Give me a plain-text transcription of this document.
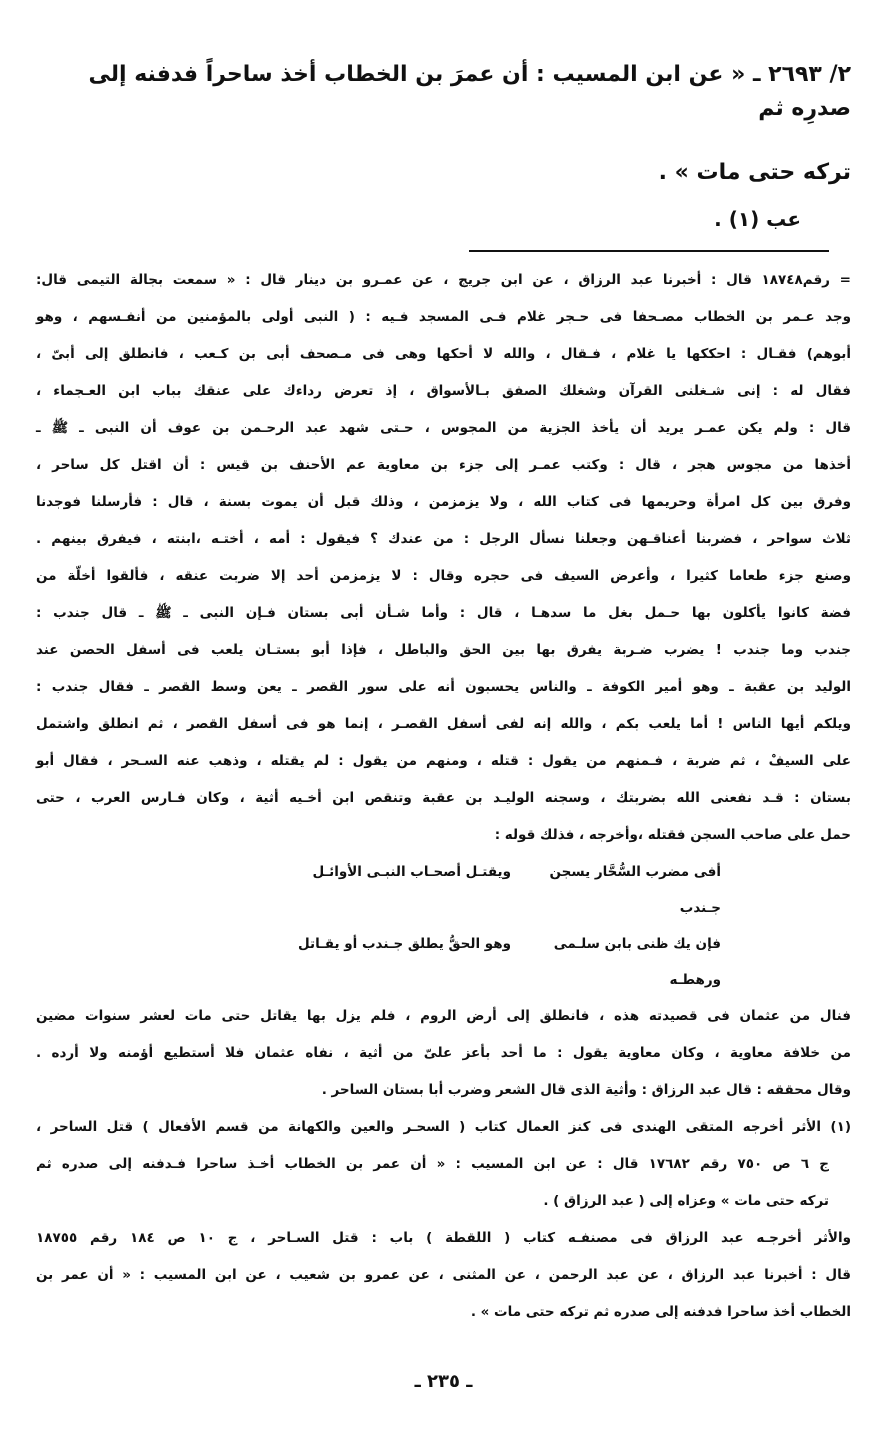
٢/ ٢٦٩٣ ـ « عن ابن المسيب : أن عمرَ بن الخطاب أخذ ساحراً فدفنه إلى صدرِه ثم
تركه حتى مات » .
عب (١) .
= رقم١٨٧٤٨ قال : أخبرنا عبد الرزاق ، عن ابن جريج ، عن عمـرو بن دينار قال : « سمعت بجالة التيمى قال:
وجد عـمر بن الخطاب مصـحفا فى حـجر غلام فـى المسجد فـيه : ( النبى أولى بالمؤمنين من أنفـسهم ، وهو
أبوهم) فقـال : احككها يا غلام ، فـقال ، والله لا أحكها وهى فى مـصحف أبى بن كـعب ، فانطلق إلى أبىّ ،
فقال له : إنى شـغلنى القرآن وشغلك الصفق بـالأسواق ، إذ تعرض رداءك على عنقك بباب ابن العـجماء ،
قال : ولم يكن عمـر يريد أن يأخذ الجزية من المجوس ، حـتى شهد عبد الرحـمن بن عوف أن النبى ـ ﷺ ـ
أخذها من مجوس هجر ، قال : وكتب عمـر إلى جزء بن معاوية عم الأحنف بن قيس : أن اقتل كل ساحر ،
وفرق بين كل امرأة وحريمها فى كتاب الله ، ولا يزمزمن ، وذلك قبل أن يموت بسنة ، قال : فأرسلنا فوجدنا
ثلاث سواحر ، فضربنا أعناقـهن وجعلنا نسأل الرجل : من عندك ؟ فيقول : أمه ، أختـه ،ابنته ، فيفرق بينهم .
وصنع جزء طعاما كثيرا ، وأعرض السيف فى حجره وقال : لا يزمزمن أحد إلا ضربت عنقه ، فألقوا أخلّة من
فضة كانوا يأكلون بها حـمل بغل ما سدهـا ، قال : وأما شـأن أبى بستان فـإن النبى ـ ﷺ ـ قال جندب :
جندب وما جندب ! يضرب ضـربة يفرق بها بين الحق والباطل ، فإذا أبو بستـان يلعب فى أسفل الحصن عند
الوليد بن عقبة ـ وهو أمير الكوفة ـ والناس يحسبون أنه على سور القصر ـ يعن وسط القصر ـ فقال جندب :
ويلكم أيها الناس ! أما يلعب بكم ، والله إنه لفى أسفل القصـر ، إنما هو فى أسفل القصر ، ثم انطلق واشتمل
على السيفْ ، ثم ضربة ، فـمنهم من يقول : قتله ، ومنهم من يقول : لم يقتله ، وذهب عنه السـحر ، فقال أبو
بستان : قـد نفعنى الله بضربتك ، وسجنه الوليـد بن عقبة وتنقص ابن أخـيه أثية ، وكان فـارس العرب ، حتى
حمل على صاحب السجن فقتله ،وأخرجه ، فذلك قوله :
أفى مضرب السُّحَّار يسجن جـندب
ويقتـل أصحـاب النبـى الأوائـل
فإن يك ظنى بابن سلـمى ورهطـه
وهو الحقُّ يطلق جـندب أو يقـاتل
فنال من عثمان فى قصيدته هذه ، فانطلق إلى أرض الروم ، فلم يزل بها يقاتل حتى مات لعشر سنوات مضين
من خلافة معاوية ، وكان معاوية يقول : ما أحد بأعز علىّ من أثية ، نفاه عثمان فلا أستطيع أؤمنه ولا أرده .
وقال محققه : قال عبد الرزاق : وأثية الذى قال الشعر وضرب أبا بستان الساحر .
(١) الأثر أخرجه المتقى الهندى فى كنز العمال كتاب ( السحـر والعين والكهانة من قسم الأفعال ) قتل الساحر ،
ج ٦ ص ٧٥٠ رقم ١٧٦٨٢ قال : عن ابن المسيب : « أن عمر بن الخطاب أخـذ ساحرا فـدفنه إلى صدره ثم
تركه حتى مات » وعزاه إلى ( عبد الرزاق ) .
والأثر أخرجـه عبد الرزاق فى مصنفـه كتاب ( اللقطة ) باب : قتل السـاحر ، ج ١٠ ص ١٨٤ رقم ١٨٧٥٥
قال : أخبرنا عبد الرزاق ، عن عبد الرحمن ، عن المثنى ، عن عمرو بن شعيب ، عن ابن المسيب : « أن عمر بن
الخطاب أخذ ساحرا فدفنه إلى صدره ثم تركه حتى مات » .
ـ ٢٣٥ ـ
